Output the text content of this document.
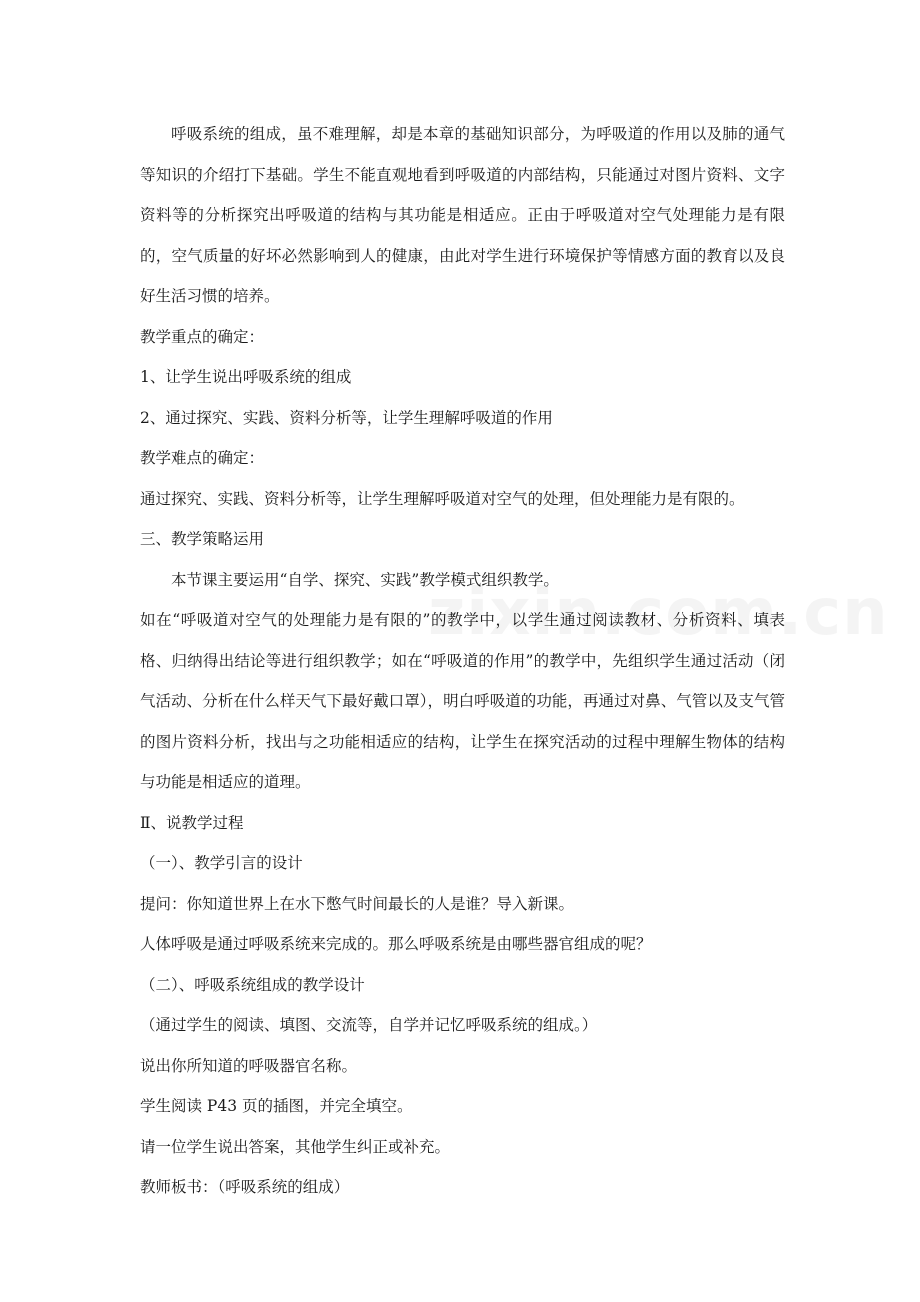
呼吸系统的组成，虽不难理解，却是本章的基础知识部分，为呼吸道的作用以及肺的通气等知识的介绍打下基础。学生不能直观地看到呼吸道的内部结构，只能通过对图片资料、文字资料等的分析探究出呼吸道的结构与其功能是相适应。正由于呼吸道对空气处理能力是有限的，空气质量的好坏必然影响到人的健康，由此对学生进行环境保护等情感方面的教育以及良好生活习惯的培养。

教学重点的确定：

1、让学生说出呼吸系统的组成

2、通过探究、实践、资料分析等，让学生理解呼吸道的作用

教学难点的确定：

通过探究、实践、资料分析等，让学生理解呼吸道对空气的处理，但处理能力是有限的。

三、教学策略运用

本节课主要运用“自学、探究、实践”教学模式组织教学。

如在“呼吸道对空气的处理能力是有限的”的教学中，以学生通过阅读教材、分析资料、填表格、归纳得出结论等进行组织教学；如在“呼吸道的作用”的教学中，先组织学生通过活动（闭气活动、分析在什么样天气下最好戴口罩），明白呼吸道的功能，再通过对鼻、气管以及支气管的图片资料分析，找出与之功能相适应的结构，让学生在探究活动的过程中理解生物体的结构与功能是相适应的道理。

Ⅱ、说教学过程

（一）、教学引言的设计

提问：你知道世界上在水下憋气时间最长的人是谁？导入新课。

人体呼吸是通过呼吸系统来完成的。那么呼吸系统是由哪些器官组成的呢？

（二）、呼吸系统组成的教学设计

（通过学生的阅读、填图、交流等，自学并记忆呼吸系统的组成。）

说出你所知道的呼吸器官名称。

学生阅读 P43 页的插图，并完全填空。

请一位学生说出答案，其他学生纠正或补充。

教师板书：（呼吸系统的组成）
